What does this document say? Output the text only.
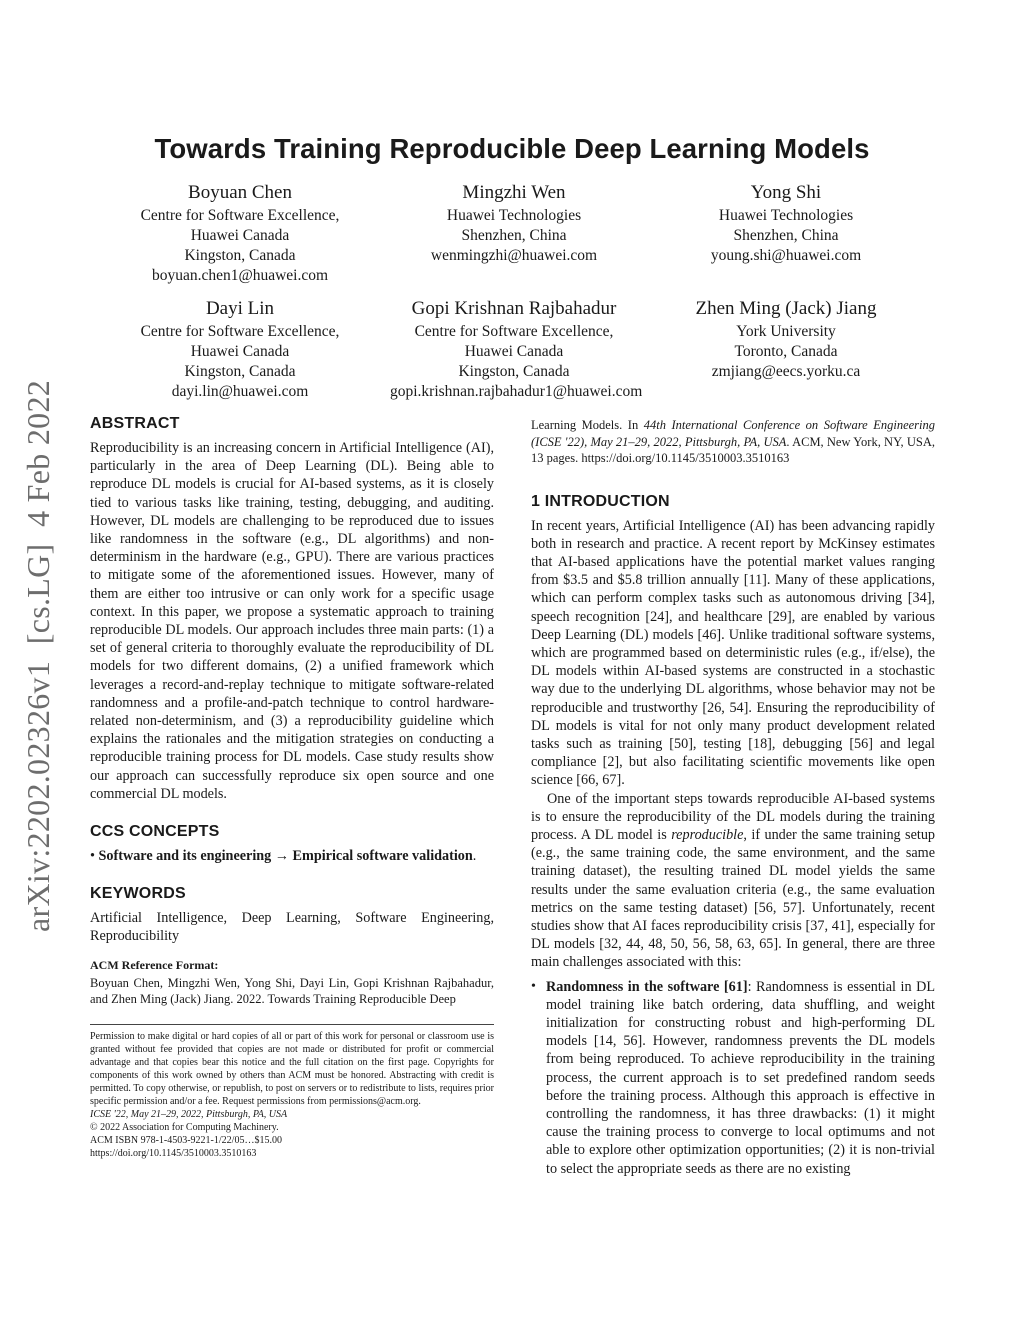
arXiv:2202.02326v1  [cs.LG]  4 Feb 2022
Towards Training Reproducible Deep Learning Models
Boyuan Chen
Centre for Software Excellence,
Huawei Canada
Kingston, Canada
boyuan.chen1@huawei.com
Mingzhi Wen
Huawei Technologies
Shenzhen, China
wenmingzhi@huawei.com
Yong Shi
Huawei Technologies
Shenzhen, China
young.shi@huawei.com
Dayi Lin
Centre for Software Excellence,
Huawei Canada
Kingston, Canada
dayi.lin@huawei.com
Gopi Krishnan Rajbahadur
Centre for Software Excellence,
Huawei Canada
Kingston, Canada
gopi.krishnan.rajbahadur1@huawei.com
Zhen Ming (Jack) Jiang
York University
Toronto, Canada
zmjiang@eecs.yorku.ca
ABSTRACT

Reproducibility is an increasing concern in Artificial Intelligence (AI), particularly in the area of Deep Learning (DL). Being able to reproduce DL models is crucial for AI-based systems, as it is closely tied to various tasks like training, testing, debugging, and auditing. However, DL models are challenging to be reproduced due to issues like randomness in the software (e.g., DL algorithms) and non-determinism in the hardware (e.g., GPU). There are various practices to mitigate some of the aforementioned issues. However, many of them are either too intrusive or can only work for a specific usage context. In this paper, we propose a systematic approach to training reproducible DL models. Our approach includes three main parts: (1) a set of general criteria to thoroughly evaluate the reproducibility of DL models for two different domains, (2) a unified framework which leverages a record-and-replay technique to mitigate software-related randomness and a profile-and-patch technique to control hardware-related non-determinism, and (3) a reproducibility guideline which explains the rationales and the mitigation strategies on conducting a reproducible training process for DL models. Case study results show our approach can successfully reproduce six open source and one commercial DL models.

CCS CONCEPTS

• Software and its engineering → Empirical software validation.

KEYWORDS

Artificial Intelligence, Deep Learning, Software Engineering, Reproducibility

ACM Reference Format:

Boyuan Chen, Mingzhi Wen, Yong Shi, Dayi Lin, Gopi Krishnan Rajbahadur, and Zhen Ming (Jack) Jiang. 2022. Towards Training Reproducible Deep

Permission to make digital or hard copies of all or part of this work for personal or classroom use is granted without fee provided that copies are not made or distributed for profit or commercial advantage and that copies bear this notice and the full citation on the first page. Copyrights for components of this work owned by others than ACM must be honored. Abstracting with credit is permitted. To copy otherwise, or republish, to post on servers or to redistribute to lists, requires prior specific permission and/or a fee. Request permissions from permissions@acm.org.

ICSE '22, May 21–29, 2022, Pittsburgh, PA, USA

© 2022 Association for Computing Machinery.

ACM ISBN 978-1-4503-9221-1/22/05…$15.00

https://doi.org/10.1145/3510003.3510163

Learning Models. In 44th International Conference on Software Engineering (ICSE '22), May 21–29, 2022, Pittsburgh, PA, USA. ACM, New York, NY, USA, 13 pages. https://doi.org/10.1145/3510003.3510163

1 INTRODUCTION

In recent years, Artificial Intelligence (AI) has been advancing rapidly both in research and practice. A recent report by McKinsey estimates that AI-based applications have the potential market values ranging from $3.5 and $5.8 trillion annually [11]. Many of these applications, which can perform complex tasks such as autonomous driving [34], speech recognition [24], and healthcare [29], are enabled by various Deep Learning (DL) models [46]. Unlike traditional software systems, which are programmed based on deterministic rules (e.g., if/else), the DL models within AI-based systems are constructed in a stochastic way due to the underlying DL algorithms, whose behavior may not be reproducible and trustworthy [26, 54]. Ensuring the reproducibility of DL models is vital for not only many product development related tasks such as training [50], testing [18], debugging [56] and legal compliance [2], but also facilitating scientific movements like open science [66, 67].

One of the important steps towards reproducible AI-based systems is to ensure the reproducibility of the DL models during the training process. A DL model is reproducible, if under the same training setup (e.g., the same training code, the same environment, and the same training dataset), the resulting trained DL model yields the same results under the same evaluation criteria (e.g., the same evaluation metrics on the same testing dataset) [56, 57]. Unfortunately, recent studies show that AI faces reproducibility crisis [37, 41], especially for DL models [32, 44, 48, 50, 56, 58, 63, 65]. In general, there are three main challenges associated with this:

• Randomness in the software [61]: Randomness is essential in DL model training like batch ordering, data shuffling, and weight initialization for constructing robust and high-performing DL models [14, 56]. However, randomness prevents the DL models from being reproduced. To achieve reproducibility in the training process, the current approach is to set predefined random seeds before the training process. Although this approach is effective in controlling the randomness, it has three drawbacks: (1) it might cause the training process to converge to local optimums and not able to explore other optimization opportunities; (2) it is non-trivial to select the appropriate seeds as there are no existing
